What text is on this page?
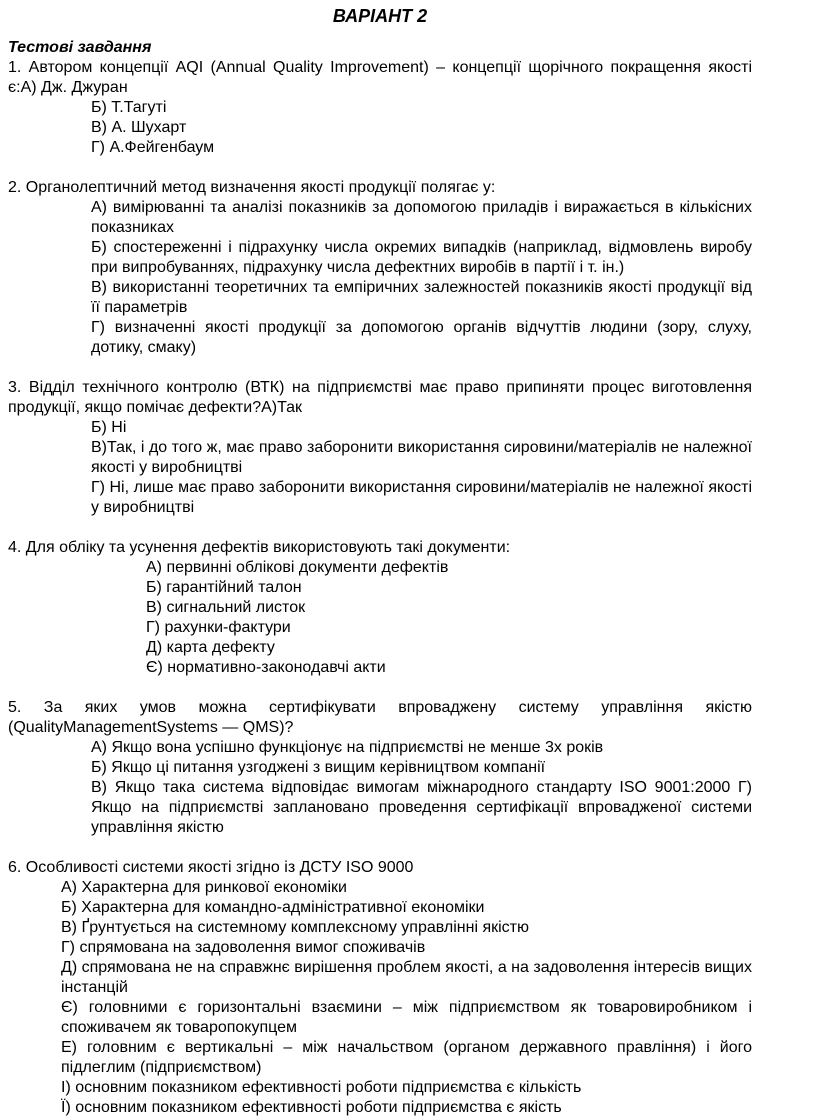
ВАРІАНТ 2
Тестові завдання
1. Автором концепції AQI (Annual Quality Improvement) – концепції щорічного покращення якості є:А) Дж. Джуран
Б) Т.Тагуті
В) А. Шухарт
Г) А.Фейгенбаум
2. Органолептичний метод визначення якості продукції полягає у:
А) вимірюванні та аналізі показників за допомогою приладів і виражається в кількісних показниках
Б) спостереженні і підрахунку числа окремих випадків (наприклад, відмовлень виробу при випробуваннях, підрахунку числа дефектних виробів в партії і т. ін.)
В) використанні теоретичних та емпіричних залежностей показників якості продукції від її параметрів
Г) визначенні якості продукції за допомогою органів відчуттів людини (зору, слуху, дотику, смаку)
3. Відділ технічного контролю (ВТК) на підприємстві має право припиняти процес виготовлення продукції, якщо помічає дефекти?А)Так
Б) Ні
В)Так, і до того ж, має право заборонити використання сировини/матеріалів не належної якості у виробництві
Г) Ні, лише має право заборонити використання сировини/матеріалів не належної якості у виробництві
4. Для обліку та усунення дефектів використовують такі документи:
А) первинні облікові документи дефектів
Б) гарантійний талон
В) сигнальний листок
Г) рахунки-фактури
Д) карта дефекту
Є) нормативно-законодавчі акти
5. За яких умов можна сертифікувати впроваджену систему управління якістю (QualityManagementSystems — QMS)?
А) Якщо вона успішно функціонує на підприємстві не менше 3х років
Б) Якщо ці питання узгоджені з вищим керівництвом компанії
В) Якщо така система відповідає вимогам міжнародного стандарту ISO 9001:2000 Г) Якщо на підприємстві заплановано проведення сертифікації впровадженої системи управління якістю
6. Особливості системи якості згідно із ДСТУ ISO 9000
А) Характерна для ринкової економіки
Б) Характерна для командно-адміністративної економіки
В) Ґрунтується на системному комплексному управлінні якістю
Г) спрямована на задоволення вимог споживачів
Д) спрямована не на справжнє вирішення проблем якості, а на задоволення інтересів вищих інстанцій
Є) головними є горизонтальні взаємини – між підприємством як товаровиробником і споживачем як товаропокупцем
Е) головним є вертикальні – між начальством (органом державного правління) і його підлеглим (підприємством)
І) основним показником ефективності роботи підприємства є кількість
Ї) основним показником ефективності роботи підприємства є якість
